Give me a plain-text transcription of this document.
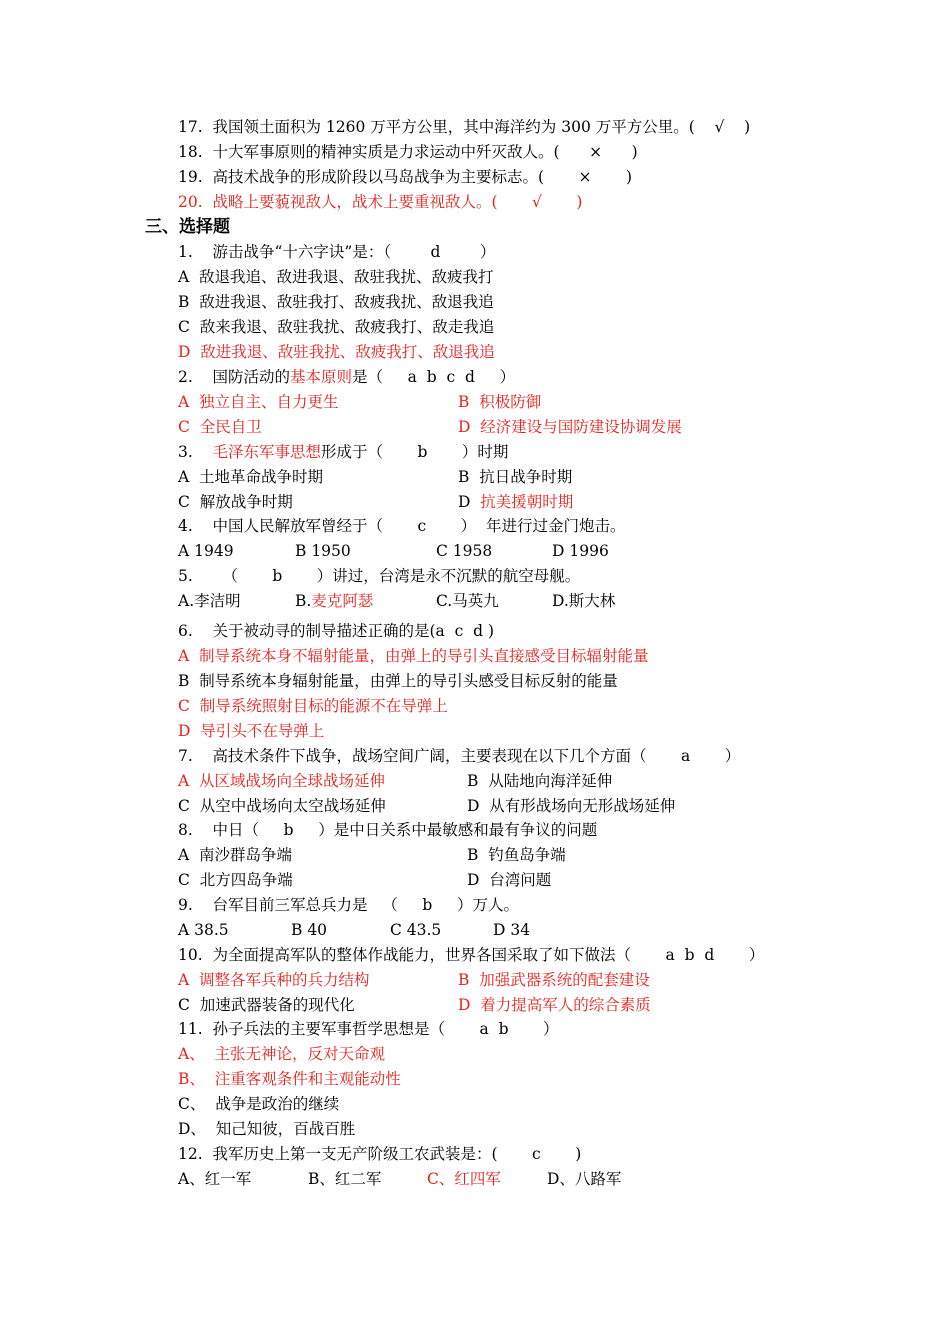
17.  我国领土面积为 1260 万平方公里，其中海洋约为 300 万平方公里。(    √    )
18.  十大军事原则的精神实质是力求运动中歼灭敌人。(      ×      )
19.  高技术战争的形成阶段以马岛战争为主要标志。(       ×       )
20.  战略上要藐视敌人，战术上要重视敌人。(       √       )
三、选择题
1.    游击战争“十六字诀”是：（        d        ）
A  敌退我追、敌进我退、敌驻我扰、敌疲我打
B  敌进我退、敌驻我打、敌疲我扰、敌退我追
C  敌来我退、敌驻我扰、敌疲我打、敌走我追
D  敌进我退、敌驻我扰、敌疲我打、敌退我追
2.    国防活动的基本原则是（     a  b  c  d     ）
A  独立自主、自力更生	B  积极防御
C  全民自卫	D  经济建设与国防建设协调发展
3.    毛泽东军事思想形成于（       b       ）时期
A  土地革命战争时期	B  抗日战争时期
C  解放战争时期	D  抗美援朝时期
4.    中国人民解放军曾经于（       c       ）  年进行过金门炮击。
A 1949	B 1950	C 1958	D 1996
5.      （       b       ）讲过，台湾是永不沉默的航空母舰。
A.李洁明	B.麦克阿瑟	C.马英九	D.斯大林
6.    关于被动寻的制导描述正确的是(a  c  d )
A  制导系统本身不辐射能量，由弹上的导引头直接感受目标辐射能量
B  制导系统本身辐射能量，由弹上的导引头感受目标反射的能量
C  制导系统照射目标的能源不在导弹上
D  导引头不在导弹上
7.    高技术条件下战争，战场空间广阔，主要表现在以下几个方面（       a       ）
A  从区域战场向全球战场延伸	B  从陆地向海洋延伸
C  从空中战场向太空战场延伸	D  从有形战场向无形战场延伸
8.    中日（     b     ）是中日关系中最敏感和最有争议的问题
A  南沙群岛争端	B  钓鱼岛争端
C  北方四岛争端	D  台湾问题
9.    台军目前三军总兵力是   （     b     ）万人。
A 38.5	B 40	C 43.5	D 34
10.  为全面提高军队的整体作战能力，世界各国采取了如下做法（       a  b  d       ）
A  调整各军兵种的兵力结构	B  加强武器系统的配套建设
C  加速武器装备的现代化	D  着力提高军人的综合素质
11.  孙子兵法的主要军事哲学思想是（       a  b       ）
A、  主张无神论，反对天命观
B、  注重客观条件和主观能动性
C、  战争是政治的继续
D、  知己知彼，百战百胜
12.  我军历史上第一支无产阶级工农武装是：(       c       )
A、红一军	B、红二军	C、红四军	D、八路军
